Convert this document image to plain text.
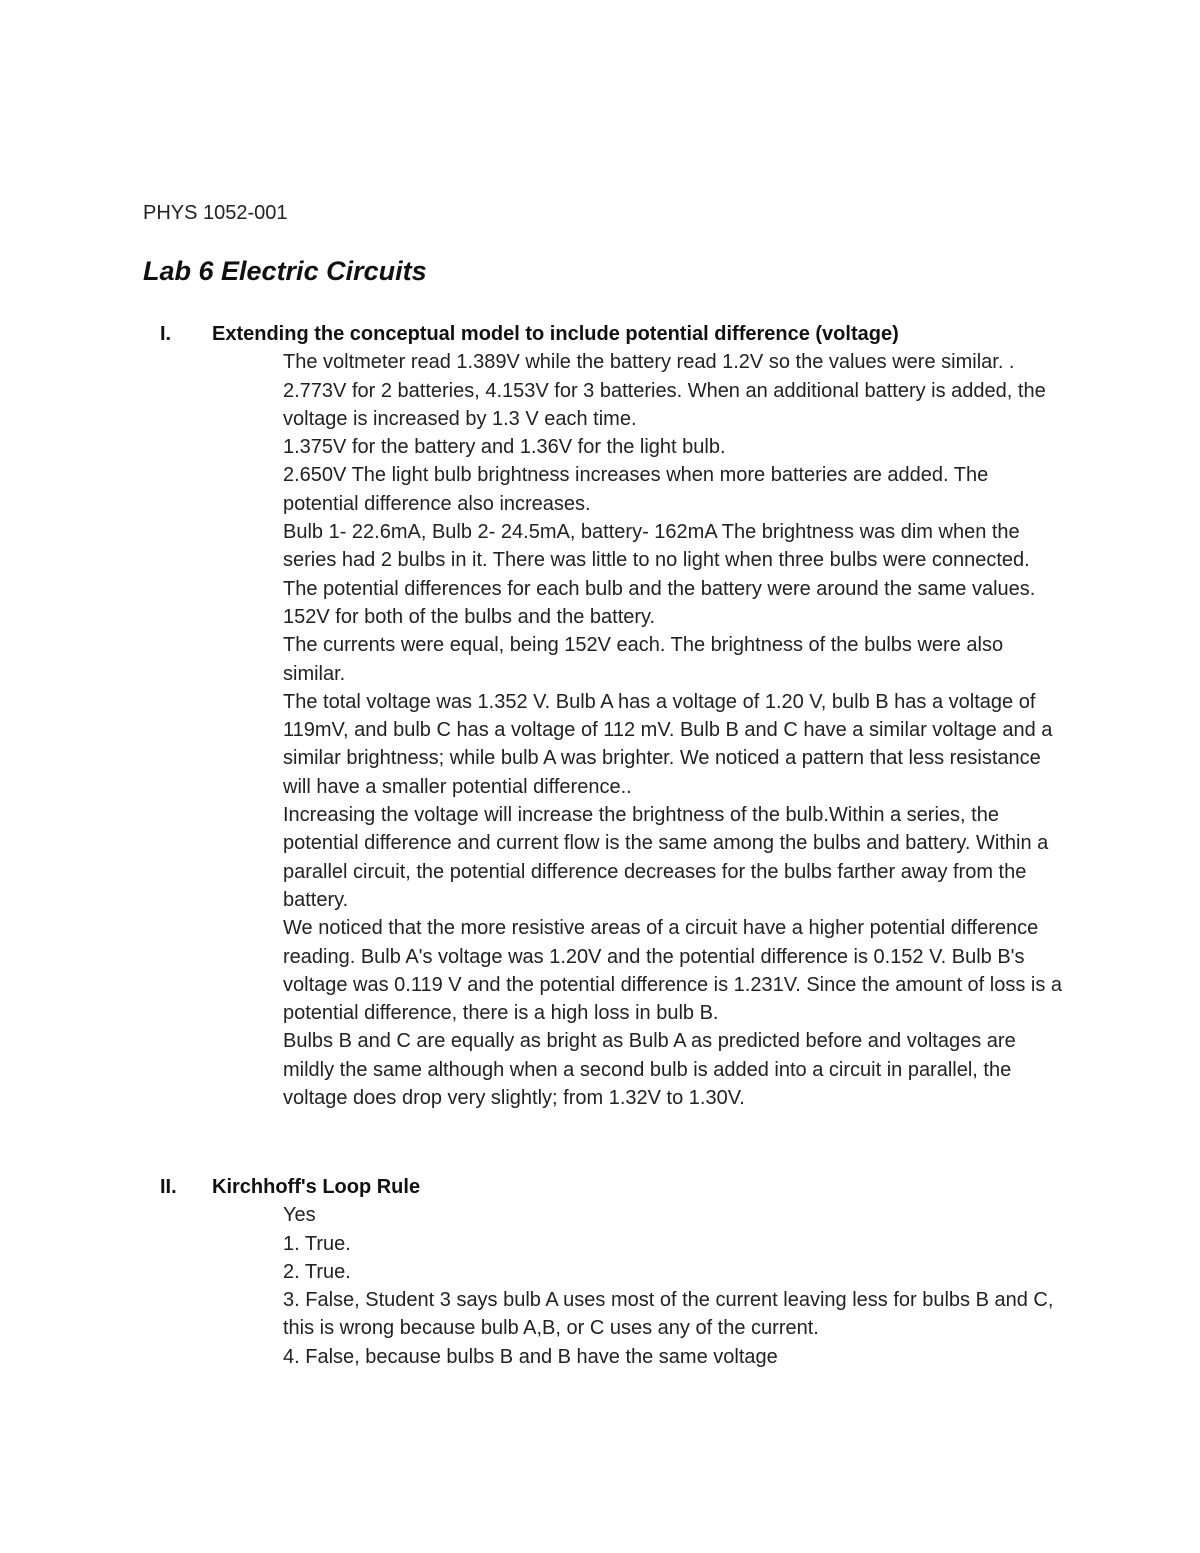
PHYS 1052-001
Lab 6 Electric Circuits
I. Extending the conceptual model to include potential difference (voltage)

The voltmeter read 1.389V while the battery read 1.2V so the values were similar. .

2.773V for 2 batteries, 4.153V for 3 batteries. When an additional battery is added, the voltage is increased by 1.3 V each time.

1.375V for the battery and 1.36V for the light bulb.

2.650V The light bulb brightness increases when more batteries are added. The potential difference also increases.

Bulb 1- 22.6mA, Bulb 2- 24.5mA, battery- 162mA The brightness was dim when the series had 2 bulbs in it. There was little to no light when three bulbs were connected.

The potential differences for each bulb and the battery were around the same values. 152V for both of the bulbs and the battery.

The currents were equal, being 152V each. The brightness of the bulbs were also similar.

The total voltage was 1.352 V. Bulb A has a voltage of 1.20 V, bulb B has a voltage of 119mV, and bulb C has a voltage of 112 mV. Bulb B and C have a similar voltage and a similar brightness; while bulb A was brighter. We noticed a pattern that less resistance will have a smaller potential difference..

Increasing the voltage will increase the brightness of the bulb.Within a series, the potential difference and current flow is the same among the bulbs and battery. Within a parallel circuit, the potential difference decreases for the bulbs farther away from the battery.

We noticed that the more resistive areas of a circuit have a higher potential difference reading. Bulb A's voltage was 1.20V and the potential difference is 0.152 V. Bulb B's voltage was 0.119 V and the potential difference is 1.231V. Since the amount of loss is a potential difference, there is a high loss in bulb B.

Bulbs B and C are equally as bright as Bulb A as predicted before and voltages are mildly the same although when a second bulb is added into a circuit in parallel, the voltage does drop very slightly; from 1.32V to 1.30V.

II. Kirchhoff's Loop Rule

Yes

1. True.

2. True.

3. False, Student 3 says bulb A uses most of the current leaving less for bulbs B and C, this is wrong because bulb A,B, or C uses any of the current.

4. False, because bulbs B and B have the same voltage
